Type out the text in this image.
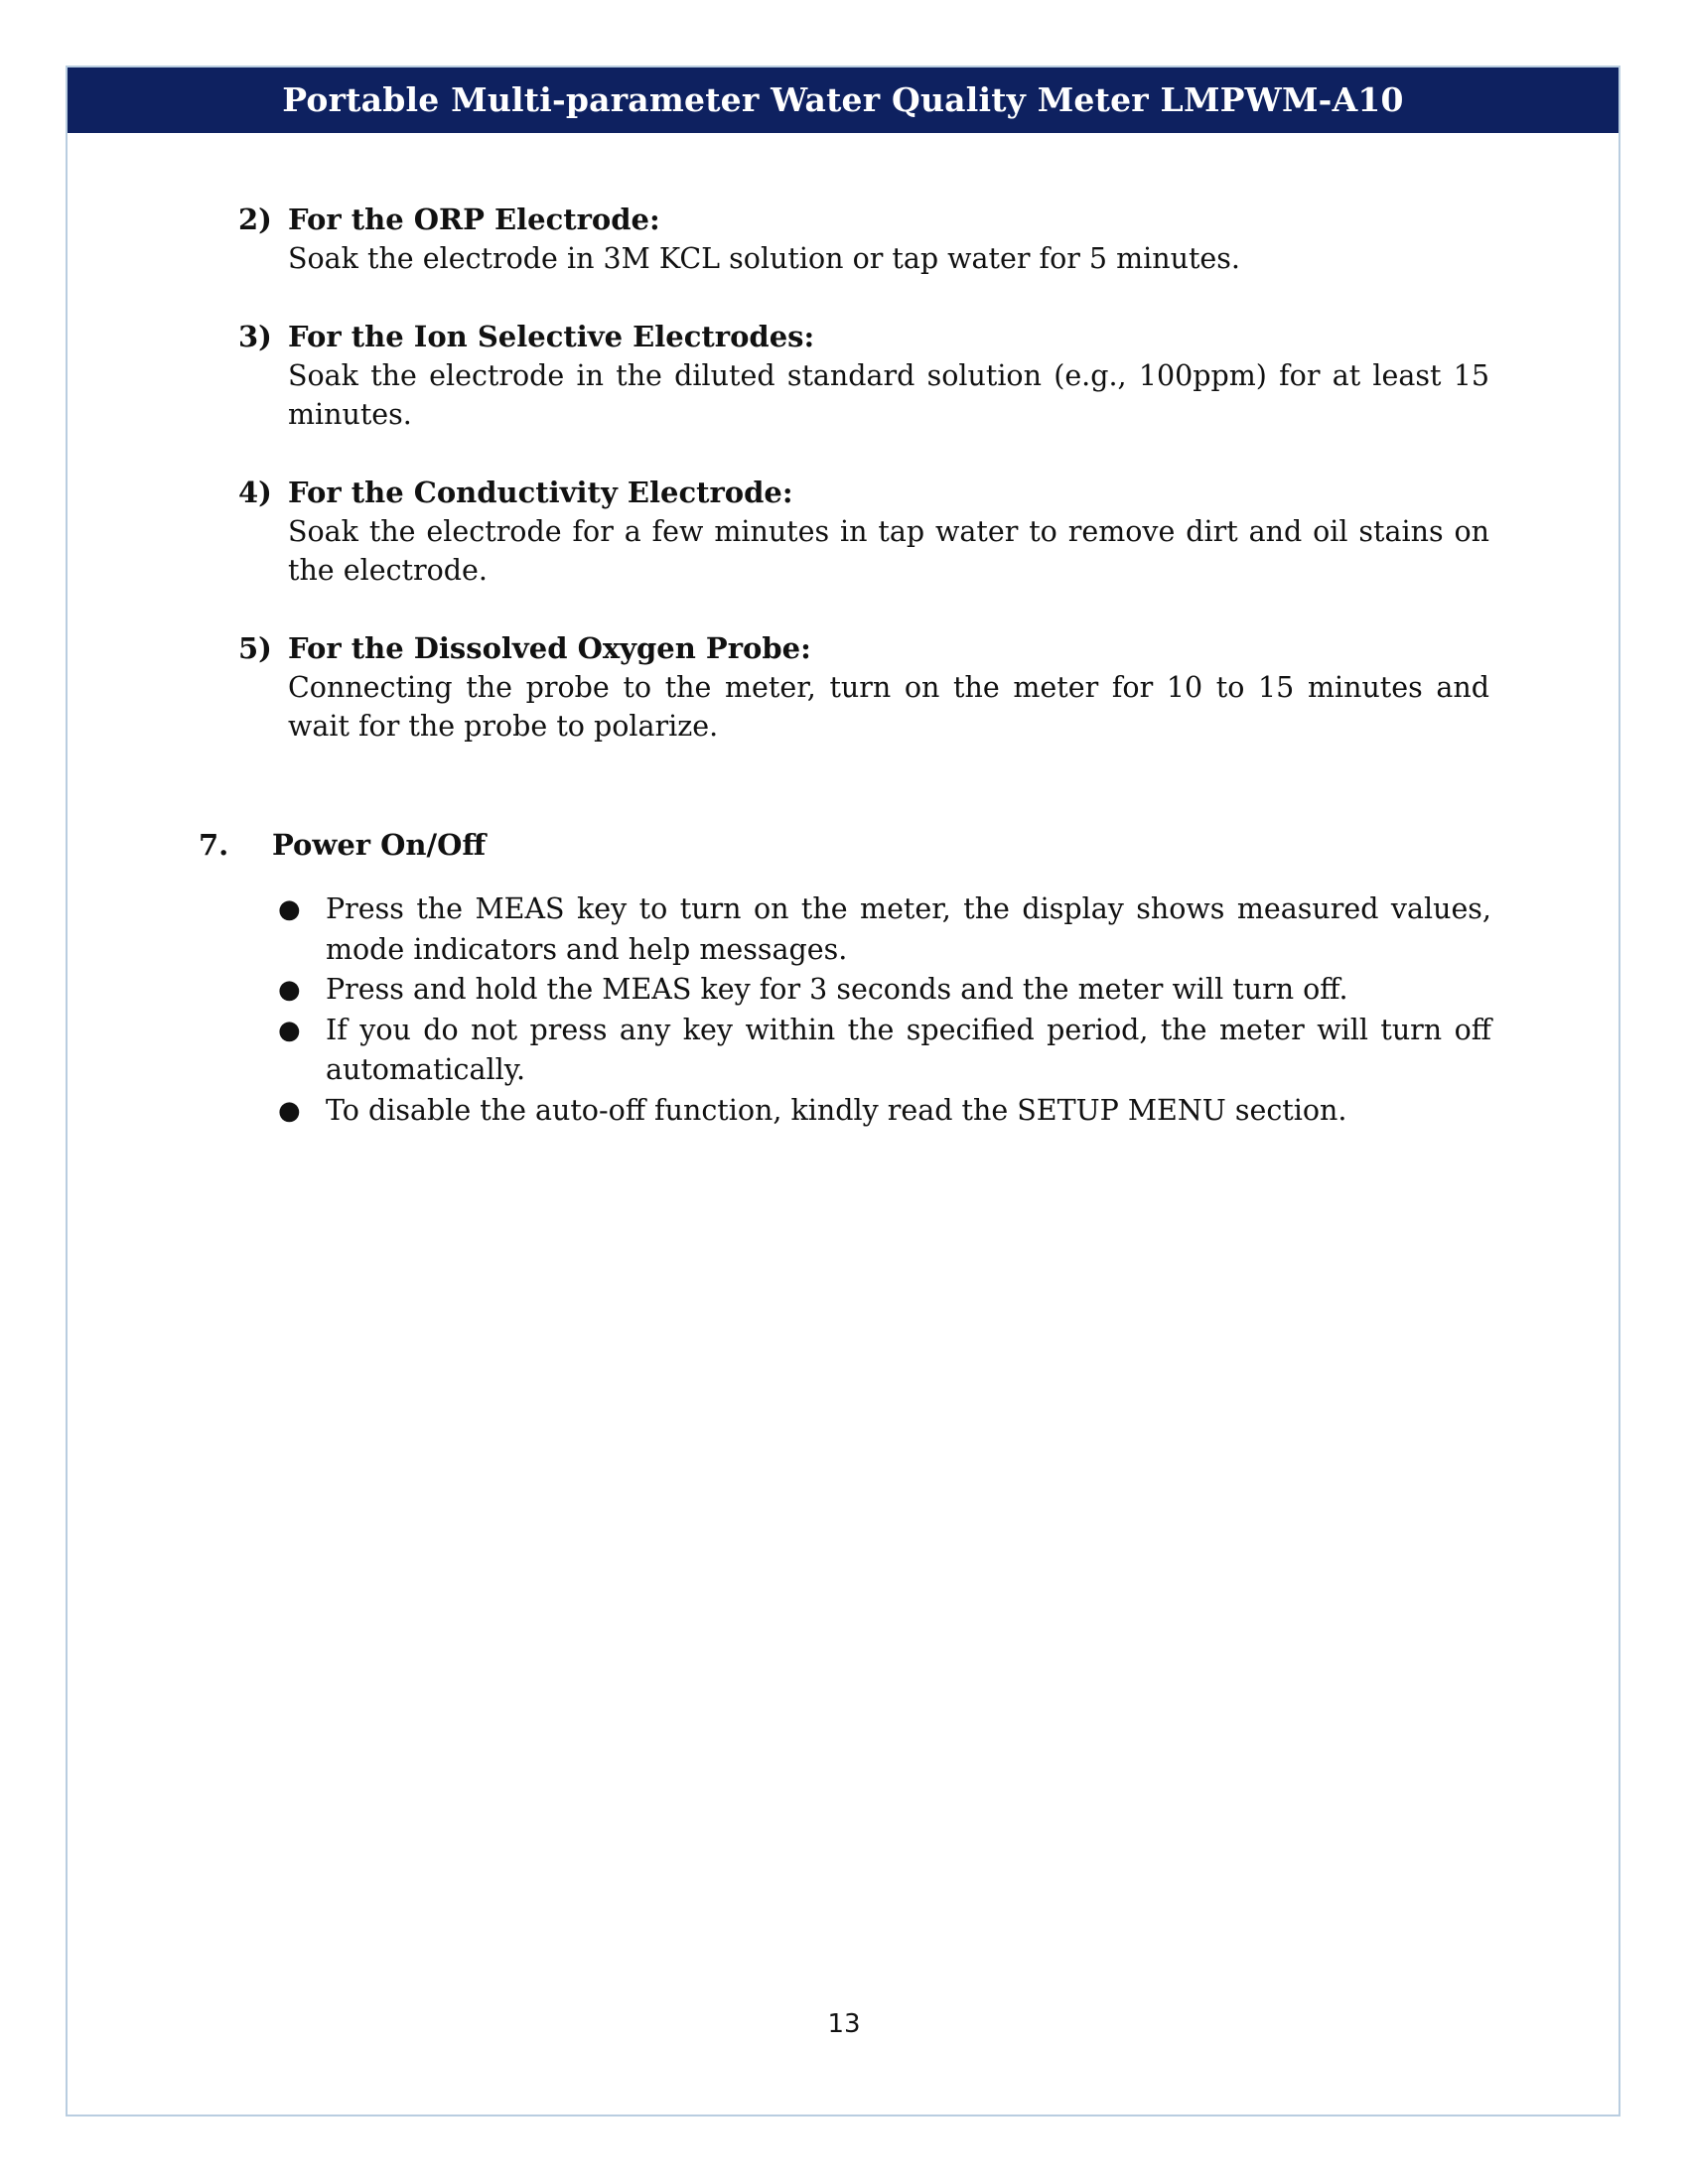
Portable Multi-parameter Water Quality Meter LMPWM-A10
2) For the ORP Electrode:
Soak the electrode in 3M KCL solution or tap water for 5 minutes.
3) For the Ion Selective Electrodes:
Soak the electrode in the diluted standard solution (e.g., 100ppm) for at least 15 minutes.
4) For the Conductivity Electrode:
Soak the electrode for a few minutes in tap water to remove dirt and oil stains on the electrode.
5) For the Dissolved Oxygen Probe:
Connecting the probe to the meter, turn on the meter for 10 to 15 minutes and wait for the probe to polarize.
7. Power On/Off
● Press the MEAS key to turn on the meter, the display shows measured values, mode indicators and help messages.
● Press and hold the MEAS key for 3 seconds and the meter will turn off.
● If you do not press any key within the specified period, the meter will turn off automatically.
● To disable the auto-off function, kindly read the SETUP MENU section.
13
